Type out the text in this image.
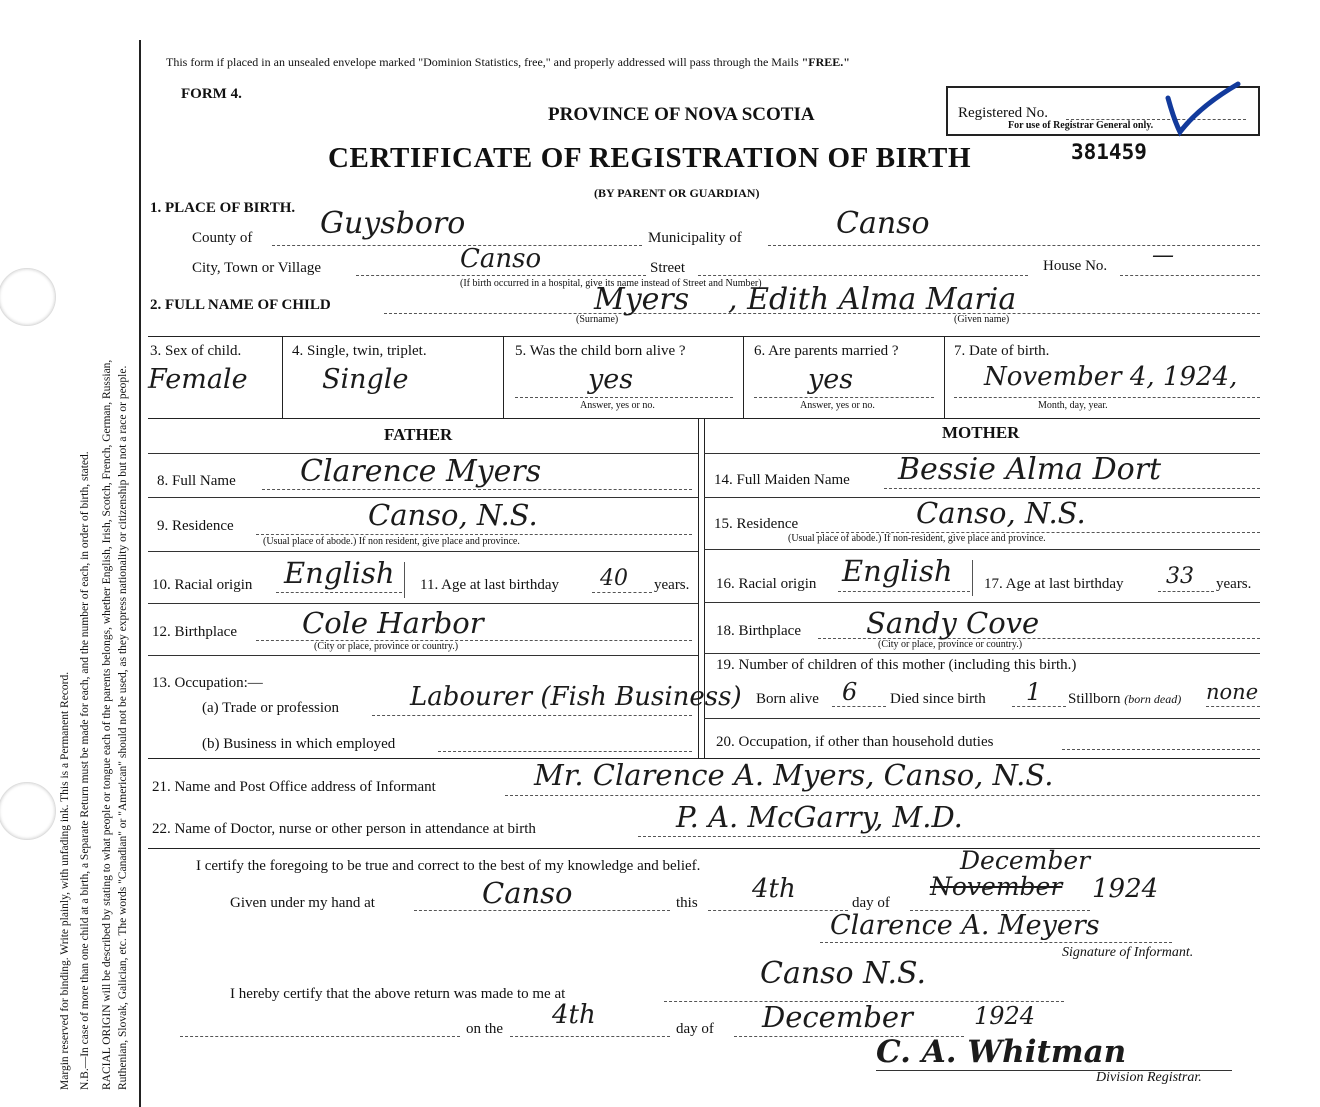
Margin reserved for binding. Write plainly, with unfading ink. This is a Permanent Record. N.B.—In case of more than one child at a birth, a Separate Return must be made for each, and the number of each, in order of birth, stated. RACIAL ORIGIN will be described by stating to what people or tongue each of the parents belongs, whether English, Irish, Scotch, French, German, Russian, Ruthenian, Slovak, Galician, etc. The words "Canadian" or "American" should not be used, as they express nationality or citizenship but not a race or people.
This form if placed in an unsealed envelope marked "Dominion Statistics, free," and properly addressed will pass through the Mails "FREE."
FORM 4.
PROVINCE OF NOVA SCOTIA	Registered No.
For use of Registrar General only.
CERTIFICATE OF REGISTRATION OF BIRTH	381459
(BY PARENT OR GUARDIAN)
1. PLACE OF BIRTH.
County of Guysboro	Municipality of	Canso
City, Town or Village	Canso	Street
(If birth occurred in a hospital, give its name instead of Street and Number)
House No. —
2. FULL NAME OF CHILD	Myers , Edith Alma Maria
(Surname)	(Given name)
3. Sex of child.
Female
4. Single, twin, triplet.
Single
5. Was the child born alive ?
yes
Answer, yes or no.
6. Are parents married ?
yes
Answer, yes or no.
7. Date of birth.
November 4, 1924,
Month, day, year.
FATHER	MOTHER
8. Full Name Clarence Myers
9. Residence	Canso, N.S.
(Usual place of abode.) If non resident, give place and province.
10. Racial origin English 11. Age at last birthday 40 years.
12. Birthplace Cole Harbor
(City or place, province or country.)
13. Occupation:—
(a) Trade or profession	Labourer (Fish Business)
(b) Business in which employed
14. Full Maiden Name Bessie Alma Dort
15. Residence	Canso, N.S.
(Usual place of abode.) If non-resident, give place and province.
16. Racial origin English 17. Age at last birthday 33 years.
18. Birthplace Sandy Cove
(City or place, province or country.)
19. Number of children of this mother (including this birth.)
Born alive 6 Died since birth 1 Stillborn (born dead) none
20. Occupation, if other than household duties
21. Name and Post Office address of Informant	Mr. Clarence A. Myers, Canso, N.S.
22. Name of Doctor, nurse or other person in attendance at birth	P. A. McGarry, M.D.
I certify the foregoing to be true and correct to the best of my knowledge and belief.
Given under my hand at	Canso	this 4th	day of
November
December
1924
Clarence A. Meyers
Signature of Informant.
Canso N.S.
I hereby certify that the above return was made to me at
on the 4th	day of December	1924
C. A. Whitman
Division Registrar.
